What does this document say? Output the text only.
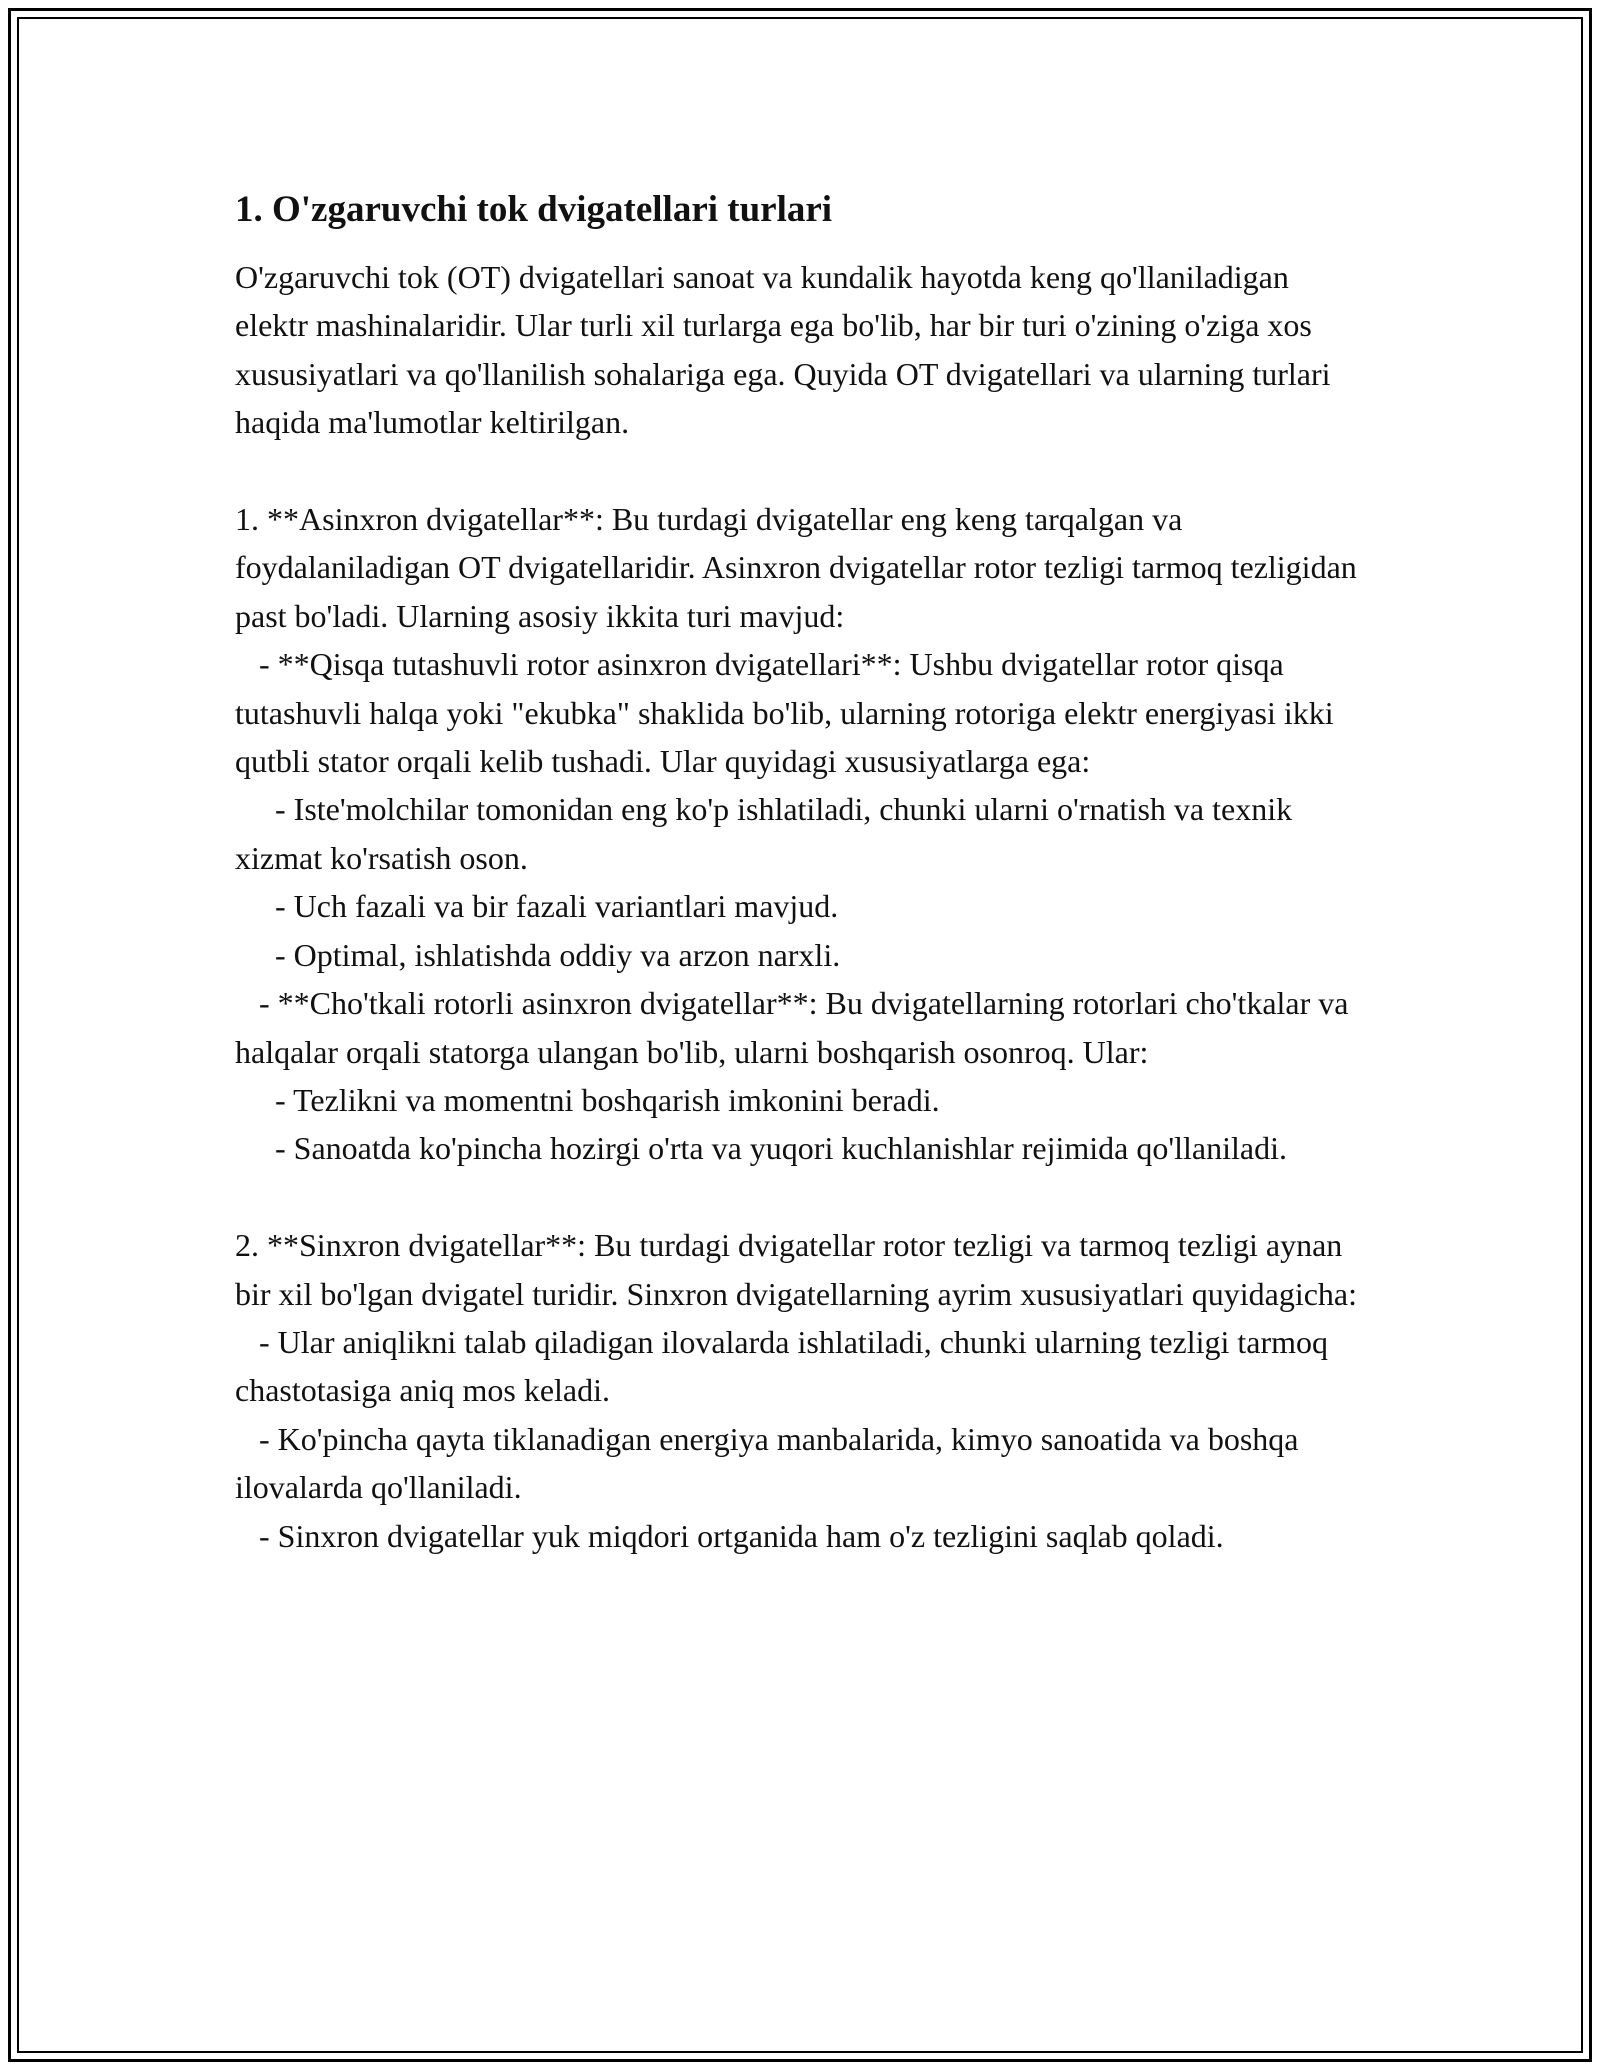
1. O'zgaruvchi tok dvigatellari turlari

O'zgaruvchi tok (OT) dvigatellari sanoat va kundalik hayotda keng qo'llaniladigan elektr mashinalaridir. Ular turli xil turlarga ega bo'lib, har bir turi o'zining o'ziga xos xususiyatlari va qo'llanilish sohalariga ega. Quyida OT dvigatellari va ularning turlari haqida ma'lumotlar keltirilgan.

1. **Asinxron dvigatellar**: Bu turdagi dvigatellar eng keng tarqalgan va foydalaniladigan OT dvigatellaridir. Asinxron dvigatellar rotor tezligi tarmoq tezligidan past bo'ladi. Ularning asosiy ikkita turi mavjud:
- **Qisqa tutashuvli rotor asinxron dvigatellari**: Ushbu dvigatellar rotor qisqa tutashuvli halqa yoki "ekubka" shaklida bo'lib, ularning rotoriga elektr energiyasi ikki qutbli stator orqali kelib tushadi. Ular quyidagi xususiyatlarga ega:
- Iste'molchilar tomonidan eng ko'p ishlatiladi, chunki ularni o'rnatish va texnik xizmat ko'rsatish oson.
- Uch fazali va bir fazali variantlari mavjud.
- Optimal, ishlatishda oddiy va arzon narxli.
- **Cho'tkali rotorli asinxron dvigatellar**: Bu dvigatellarning rotorlari cho'tkalar va halqalar orqali statorga ulangan bo'lib, ularni boshqarish osonroq. Ular:
- Tezlikni va momentni boshqarish imkonini beradi.
- Sanoatda ko'pincha hozirgi o'rta va yuqori kuchlanishlar rejimida qo'llaniladi.

2. **Sinxron dvigatellar**: Bu turdagi dvigatellar rotor tezligi va tarmoq tezligi aynan bir xil bo'lgan dvigatel turidir. Sinxron dvigatellarning ayrim xususiyatlari quyidagicha:
- Ular aniqlikni talab qiladigan ilovalarda ishlatiladi, chunki ularning tezligi tarmoq chastotasiga aniq mos keladi.
- Ko'pincha qayta tiklanadigan energiya manbalarida, kimyo sanoatida va boshqa ilovalarda qo'llaniladi.
- Sinxron dvigatellar yuk miqdori ortganida ham o'z tezligini saqlab qoladi.
